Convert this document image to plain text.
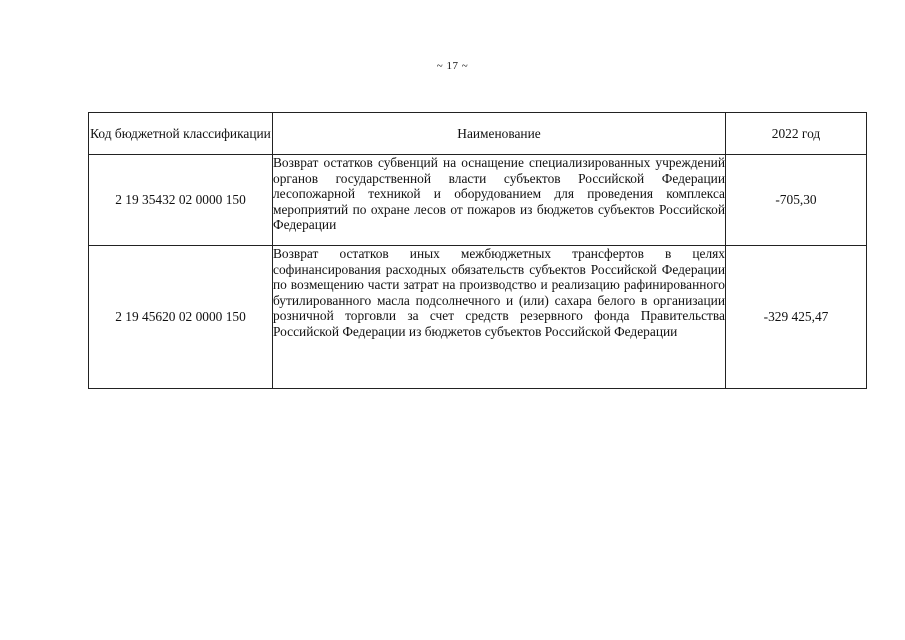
~ 17 ~
Код бюджетной классификации	Наименование	2022 год
2 19 35432 02 0000 150	Возврат остатков субвенций на оснащение специализированных учреждений органов государственной власти субъектов Российской Федерации лесопожарной техникой и оборудованием для проведения комплекса мероприятий по охране лесов от пожаров из бюджетов субъектов Российской Федерации	-705,30
2 19 45620 02 0000 150	Возврат остатков иных межбюджетных трансфертов в целях софинансирования расходных обязательств субъектов Российской Федерации по возмещению части затрат на производство и реализацию рафинированного бутилированного масла подсолнечного и (или) сахара белого в организации розничной торговли за счет средств резервного фонда Правительства Российской Федерации из бюджетов субъектов Российской Федерации	-329 425,47
